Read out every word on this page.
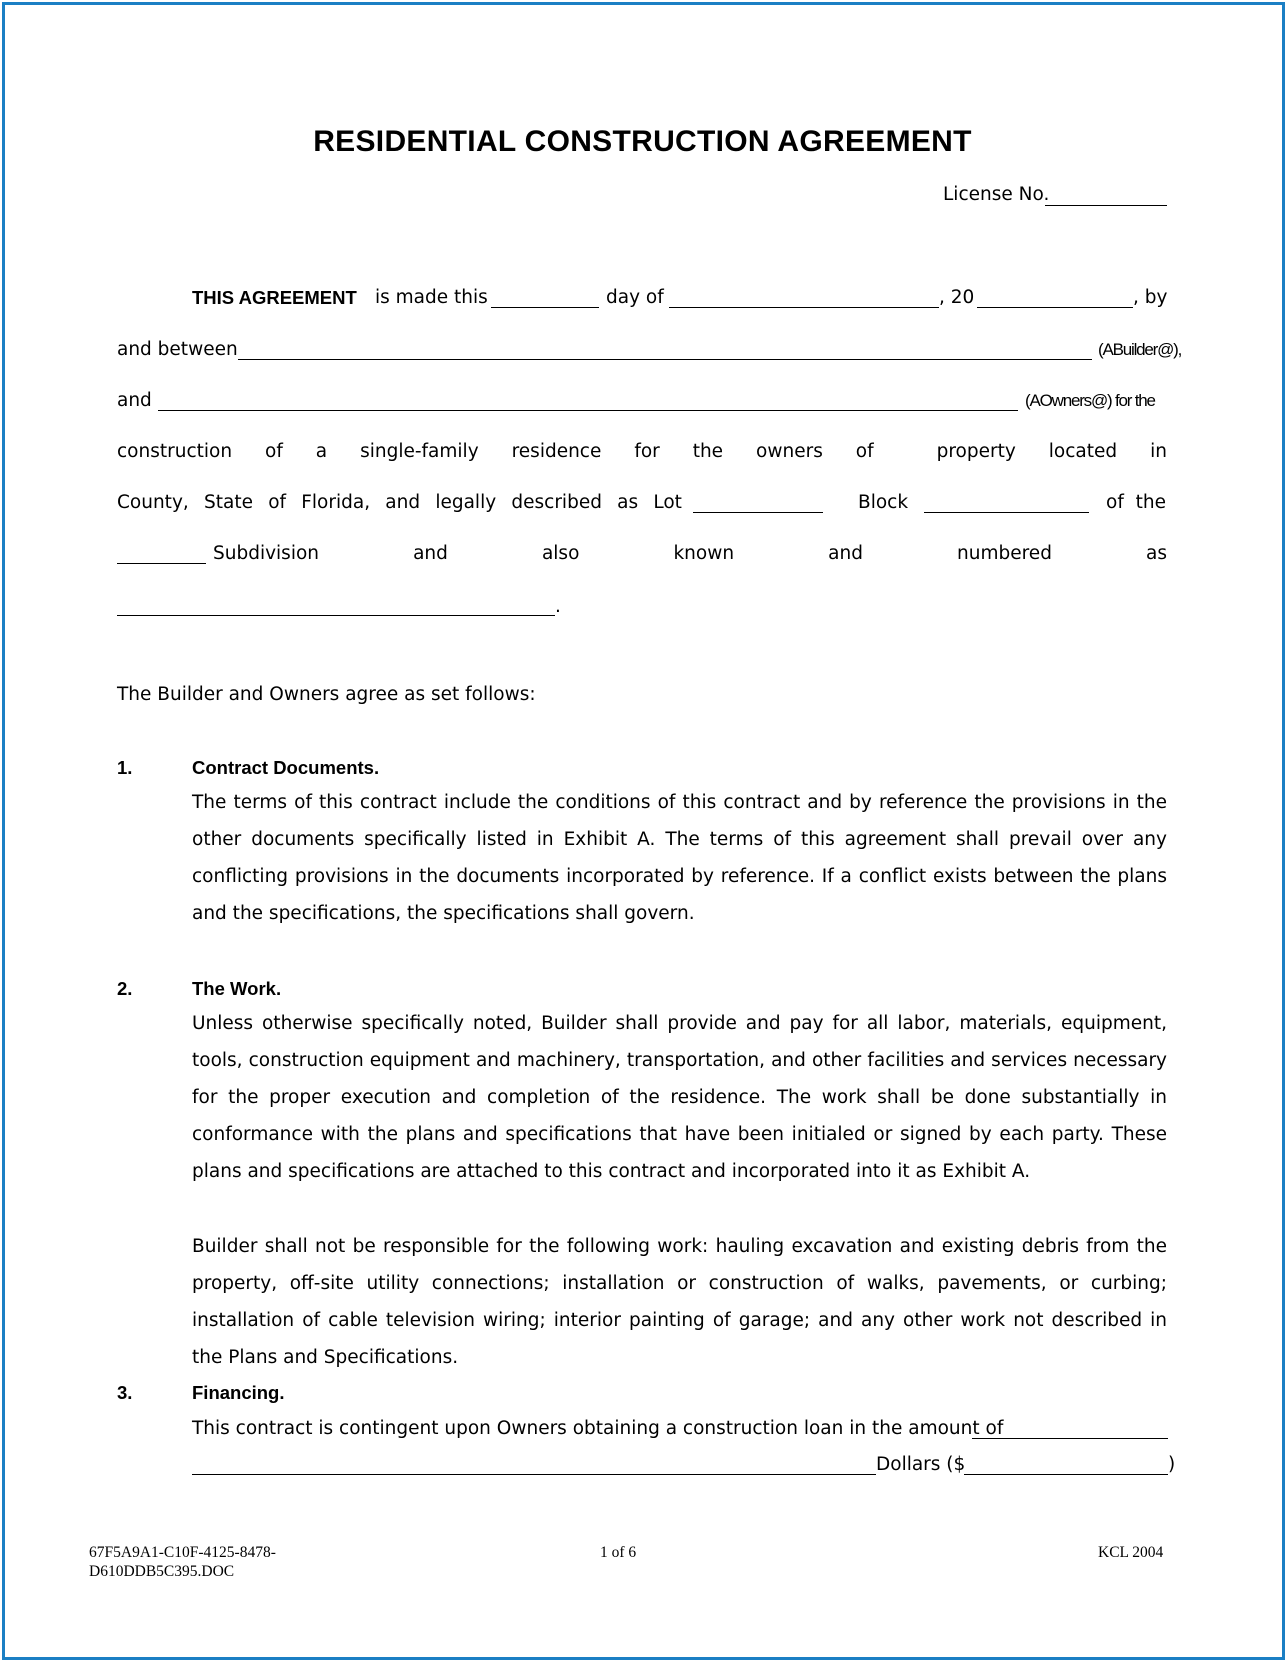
RESIDENTIAL CONSTRUCTION AGREEMENT
License No.
THIS AGREEMENT is made this	day of	, 20	, by
and between	(ABuilder@),
and	(AOwners@) for the
construction of a single-family residence for the owners of	property located in
County, State of Florida, and legally described as Lot	Block	of  the
Subdivision	and	also	known	and	numbered	as
.
The Builder and Owners agree as set follows:
1.	Contract Documents.
The terms of this contract include the conditions of this contract and by reference the provisions in the other documents specifically listed in Exhibit A. The terms of this agreement shall prevail over any conflicting provisions in the documents incorporated by reference. If a conflict exists between the plans and the specifications, the specifications shall govern.
2.	The Work.
Unless otherwise specifically noted, Builder shall provide and pay for all labor, materials, equipment, tools, construction equipment and machinery, transportation, and other facilities and services necessary for the proper execution and completion of the residence. The work shall be done substantially in conformance with the plans and specifications that have been initialed or signed by each party. These plans and specifications are attached to this contract and incorporated into it as Exhibit A.
Builder shall not be responsible for the following work: hauling excavation and existing debris from the property, off-site utility connections; installation or construction of walks, pavements, or curbing; installation of cable television wiring; interior painting of garage; and any other work not described in the Plans and Specifications.
3.	Financing.
This contract is contingent upon Owners obtaining a construction loan in the amount of
Dollars ($	)
67F5A9A1-C10F-4125-8478-
D610DDB5C395.DOC
1 of 6	KCL 2004
